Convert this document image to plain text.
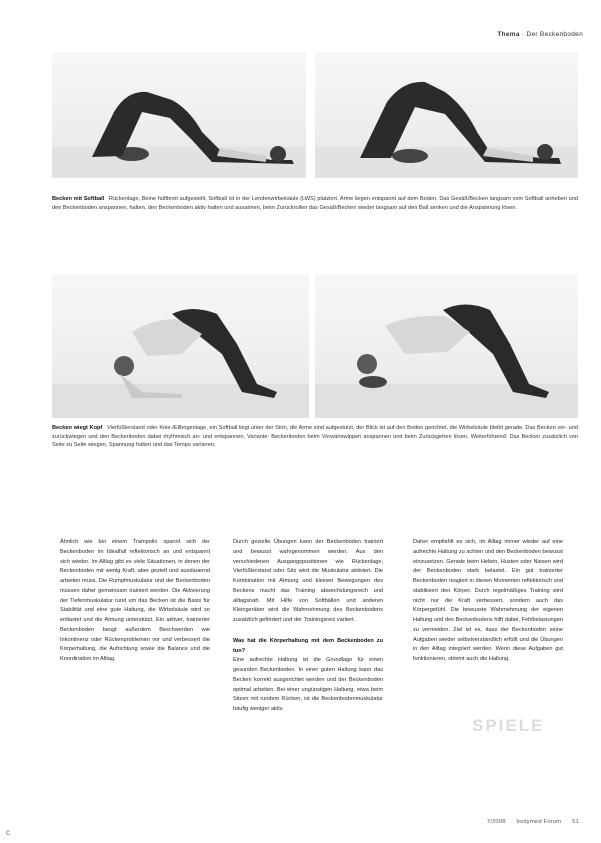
Thema · Der Beckenboden
Becken mit Softball Rückenlage, Beine hüftbreit aufgestellt, Softball ist in der Lendenwirbelsäule (LWS) platziert. Arme liegen entspannt auf dem Boden. Das Gesäß/Becken langsam vom Softball anheben und den Beckenboden anspannen, halten, den Beckenboden aktiv halten und ausatmen, beim Zurückrollen das Gesäß/Becken wieder langsam auf den Ball senken und die Anspannung lösen.
Becken wiegt Kopf Vierfüßlerstand oder Knie-/Ellbogenlage, ein Softball liegt unter der Stirn, die Arme sind aufgestützt, der Blick ist auf den Boden gerichtet, die Wirbelsäule bleibt gerade. Das Becken vor- und zurückwiegen und den Beckenboden dabei rhythmisch an- und entspannen. Variante: Beckenboden beim Vorwärtswippen anspannen und beim Zurückgehen lösen. Weiterführend: Das Becken zusätzlich von Seite zu Seite wiegen, Spannung halten und das Tempo variieren.

Ähnlich wie bei einem Trampolin spannt sich der Beckenboden im Idealfall reflektorisch an und entspannt sich wieder. Im Alltag gibt es viele Situationen, in denen der Beckenboden mit wenig Kraft, aber gezielt und ausdauernd arbeiten muss. Die Rumpfmuskulatur und der Beckenboden müssen daher gemeinsam trainiert werden. Die Aktivierung der Tiefenmuskulatur rund um das Becken ist die Basis für Stabilität und eine gute Haltung, die Wirbelsäule wird so entlastet und die Atmung unterstützt. Ein aktiver, trainierter Beckenboden beugt außerdem Beschwerden wie Inkontinenz oder Rückenproblemen vor und verbessert die Körperhaltung, die Aufrichtung sowie die Balance und die Koordination im Alltag.

Durch gezielte Übungen kann der Beckenboden trainiert und bewusst wahrgenommen werden. Aus den verschiedenen Ausgangspositionen wie Rückenlage, Vierfüßlerstand oder Sitz wird die Muskulatur aktiviert. Die Kombination mit Atmung und kleinen Bewegungen des Beckens macht das Training abwechslungsreich und alltagsnah. Mit Hilfe von Softbällen und anderen Kleingeräten wird die Wahrnehmung des Beckenbodens zusätzlich gefördert und der Trainingsreiz variiert.

Was hat die Körperhaltung mit dem Beckenboden zu tun?

Eine aufrechte Haltung ist die Grundlage für einen gesunden Beckenboden. In einer guten Haltung kann das Becken korrekt ausgerichtet werden und der Beckenboden optimal arbeiten. Bei einer ungünstigen Haltung, etwa beim Sitzen mit rundem Rücken, ist die Beckenbodenmuskulatur häufig weniger aktiv.

Daher empfiehlt es sich, im Alltag immer wieder auf eine aufrechte Haltung zu achten und den Beckenboden bewusst einzusetzen. Gerade beim Heben, Husten oder Niesen wird der Beckenboden stark belastet. Ein gut trainierter Beckenboden reagiert in diesen Momenten reflektorisch und stabilisiert den Körper. Durch regelmäßiges Training wird nicht nur die Kraft verbessert, sondern auch das Körpergefühl. Die bewusste Wahrnehmung der eigenen Haltung und des Beckenbodens hilft dabei, Fehlbelastungen zu vermeiden. Ziel ist es, dass der Beckenboden seine Aufgaben wieder selbstverständlich erfüllt und die Übungen in den Alltag integriert werden. Wenn diese Aufgaben gut funktionieren, stimmt auch die Haltung.

SPIELE
7/2008 bodymed Forum 51
c
